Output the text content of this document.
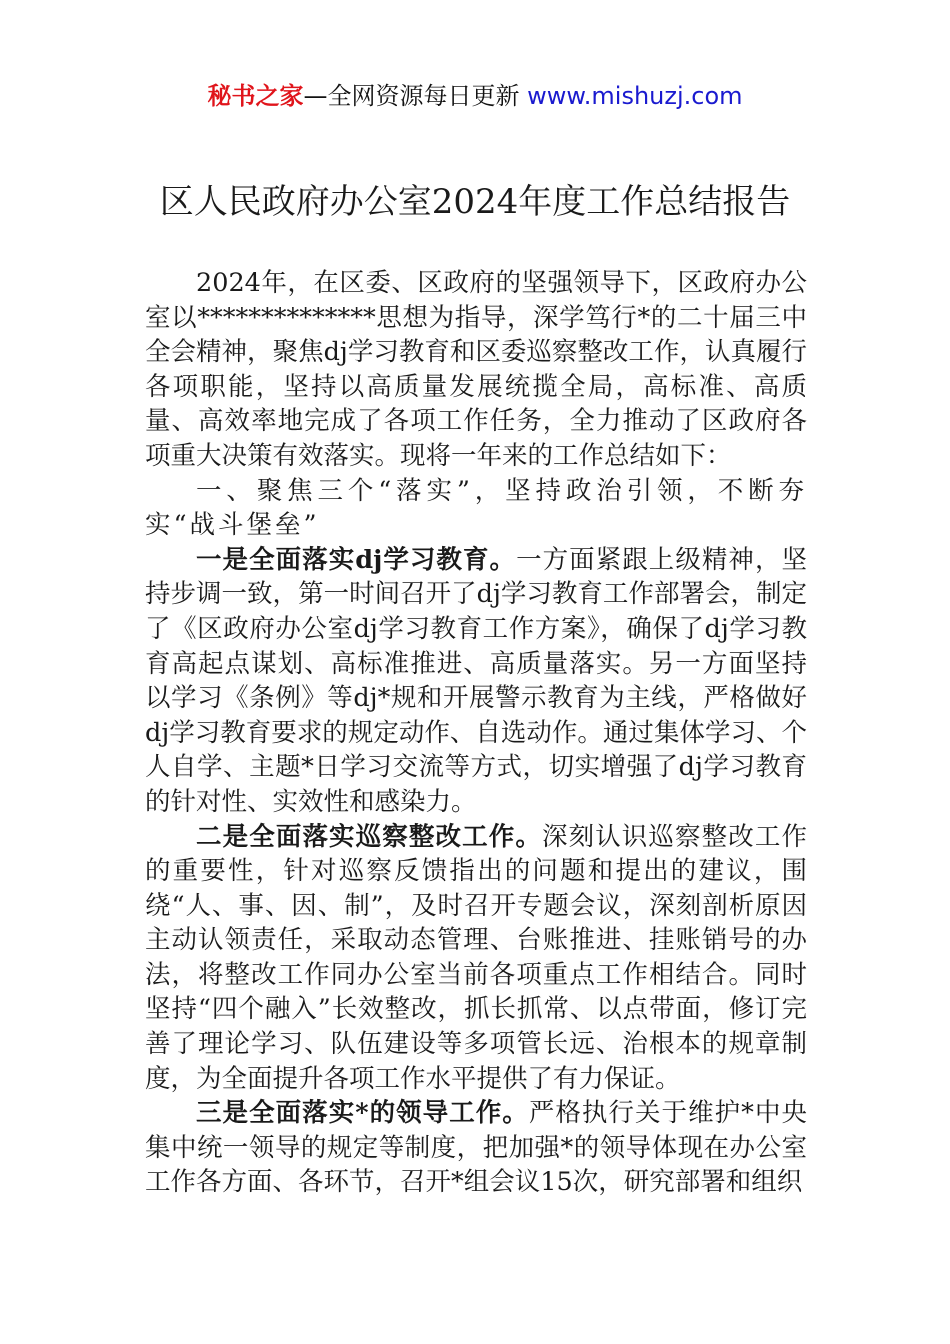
秘书之家—全网资源每日更新 www.mishuzj.com
区人民政府办公室2024年度工作总结报告

2024年，在区委、区政府的坚强领导下，区政府办公室以**************思想为指导，深学笃行*的二十届三中全会精神，聚焦dj学习教育和区委巡察整改工作，认真履行各项职能，坚持以高质量发展统揽全局，高标准、高质量、高效率地完成了各项工作任务，全力推动了区政府各项重大决策有效落实。现将一年来的工作总结如下：

一、聚焦三个“落实”，坚持政治引领，不断夯实“战斗堡垒”

一是全面落实dj学习教育。一方面紧跟上级精神，坚持步调一致，第一时间召开了dj学习教育工作部署会，制定了《区政府办公室dj学习教育工作方案》，确保了dj学习教育高起点谋划、高标准推进、高质量落实。另一方面坚持以学习《条例》等dj*规和开展警示教育为主线，严格做好dj学习教育要求的规定动作、自选动作。通过集体学习、个人自学、主题*日学习交流等方式，切实增强了dj学习教育的针对性、实效性和感染力。

二是全面落实巡察整改工作。深刻认识巡察整改工作的重要性，针对巡察反馈指出的问题和提出的建议，围绕“人、事、因、制”，及时召开专题会议，深刻剖析原因主动认领责任，采取动态管理、台账推进、挂账销号的办法，将整改工作同办公室当前各项重点工作相结合。同时坚持“四个融入”长效整改，抓长抓常、以点带面，修订完善了理论学习、队伍建设等多项管长远、治根本的规章制度，为全面提升各项工作水平提供了有力保证。

三是全面落实*的领导工作。严格执行关于维护*中央集中统一领导的规定等制度，把加强*的领导体现在办公室工作各方面、各环节，召开*组会议15次，研究部署和组织
